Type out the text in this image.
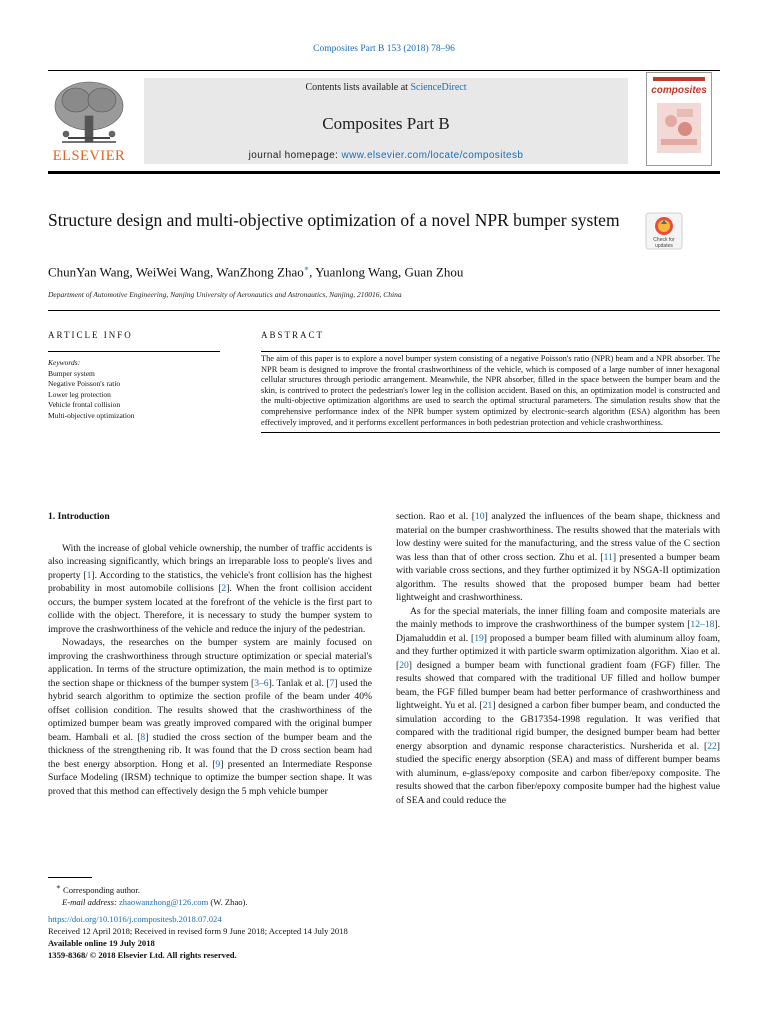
Composites Part B 153 (2018) 78–96
ELSEVIER
Contents lists available at ScienceDirect
Composites Part B
journal homepage: www.elsevier.com/locate/compositesb
composites
Structure design and multi-objective optimization of a novel NPR bumper system
Check for
updates
ChunYan Wang, WeiWei Wang, WanZhong Zhao∗, Yuanlong Wang, Guan Zhou
Department of Automotive Engineering, Nanjing University of Aeronautics and Astronautics, Nanjing, 210016, China
ARTICLE INFO	ABSTRACT
Keywords:
Bumper system
Negative Poisson's ratio
Lower leg protection
Vehicle frontal collision
Multi-objective optimization
The aim of this paper is to explore a novel bumper system consisting of a negative Poisson's ratio (NPR) beam and a NPR absorber. The NPR beam is designed to improve the frontal crashworthiness of the vehicle, which is composed of a large number of inner hexagonal cellular structures through periodic arrangement. Meanwhile, the NPR absorber, filled in the space between the bumper beam and the skin, is contrived to protect the pedestrian's lower leg in the collision accident. Based on this, an optimization model is constructed and the multi-objective optimization algorithms are used to search the optimal structural parameters. The simulation results show that the comprehensive performance index of the NPR bumper system optimized by electronic-search algorithm (ESA) algorithm has been effectively improved, and it performs excellent performances in both pedestrian protection and vehicle crashworthiness.
1. Introduction

With the increase of global vehicle ownership, the number of traffic accidents is also increasing significantly, which brings an irreparable loss to people's lives and property [1]. According to the statistics, the vehicle's front collision has the highest probability in most automobile collisions [2]. When the front collision accident occurs, the bumper system located at the forefront of the vehicle is the first part to collide with the object. Therefore, it is necessary to study the bumper system to improve the crashworthiness of the vehicle and reduce the injury of the pedestrian.

Nowadays, the researches on the bumper system are mainly focused on improving the crashworthiness through structure optimization or special material's application. In terms of the structure optimization, the main method is to optimize the section shape or thickness of the bumper system [3–6]. Tanlak et al. [7] used the hybrid search algorithm to optimize the section profile of the beam under 40% offset collision condition. The results showed that the crashworthiness of the optimized bumper beam was greatly improved compared with the original bumper beam. Hambali et al. [8] studied the cross section of the bumper beam and the thickness of the strengthening rib. It was found that the D cross section beam had the best energy absorption. Hong et al. [9] presented an Intermediate Response Surface Modeling (IRSM) technique to optimize the bumper section shape. It was proved that this method can effectively design the 5 mph vehicle bumper

section. Rao et al. [10] analyzed the influences of the beam shape, thickness and material on the bumper crashworthiness. The results showed that the materials with low destiny were suited for the manufacturing, and the stress value of the C section was less than that of other cross section. Zhu et al. [11] presented a bumper beam with variable cross sections, and they further optimized it by NSGA-II optimization algorithm. The results showed that the proposed bumper beam had better lightweight and crashworthiness.

As for the special materials, the inner filling foam and composite materials are the mainly methods to improve the crashworthiness of the bumper system [12–18]. Djamaluddin et al. [19] proposed a bumper beam filled with aluminum alloy foam, and they further optimized it with particle swarm optimization algorithm. Xiao et al. [20] designed a bumper beam with functional gradient foam (FGF) filler. The results showed that compared with the traditional UF filled and hollow bumper beam, the FGF filled bumper beam had better performance of crashworthiness and lightweight. Yu et al. [21] designed a carbon fiber bumper beam, and conducted the simulation according to the GB17354-1998 regulation. It was verified that compared with the traditional rigid bumper, the designed bumper beam had better energy absorption and dynamic response characteristics. Nursherida et al. [22] studied the specific energy absorption (SEA) and mass of different bumper beams with aluminum, e-glass/epoxy composite and carbon fiber/epoxy composite. The results showed that the carbon fiber/epoxy composite bumper had the highest value of SEA and could reduce the

∗ Corresponding author.
E-mail address: zhaowanzhong@126.com (W. Zhao).
https://doi.org/10.1016/j.compositesb.2018.07.024
Received 12 April 2018; Received in revised form 9 June 2018; Accepted 14 July 2018
Available online 19 July 2018
1359-8368/ © 2018 Elsevier Ltd. All rights reserved.
